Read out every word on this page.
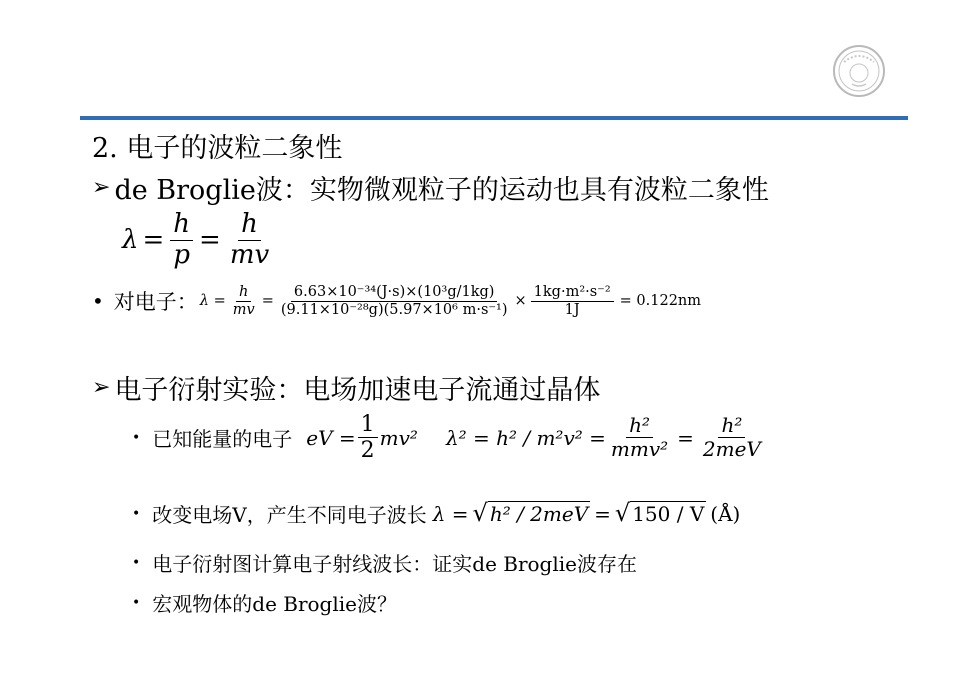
2. 电子的波粒二象性
➢ de Broglie波：实物微观粒子的运动也具有波粒二象性
$\lambda = \frac{h}{p} = \frac{h}{mv}$
• 对电子： $\lambda = \frac{h}{mv} = \frac{\text{6.63×10⁻³⁴(J·s)×(10³g/1kg)}}{\text{(9.11×10⁻²⁸g)(5.97×10⁶ m·s⁻¹)}} \times \frac{\text{1kg·m²·s⁻²}}{1J} = 0.122nm$
➢ 电子衍射实验：电场加速电子流通过晶体
• 已知能量的电子 eV = $\frac{1}{2} mv^2$ $\lambda^2 = h^2 / m^2v^2 = \frac{\text{h²}}{\text{mmv²}} = \frac{\text{h²}}{\text{2meV}}$
• 改变电场V，产生不同电子波长 λ = √ h² / 2meV = √ 150 / V (Å)
• 电子衍射图计算电子射线波长：证实de Broglie波存在
• 宏观物体的de Broglie波？
